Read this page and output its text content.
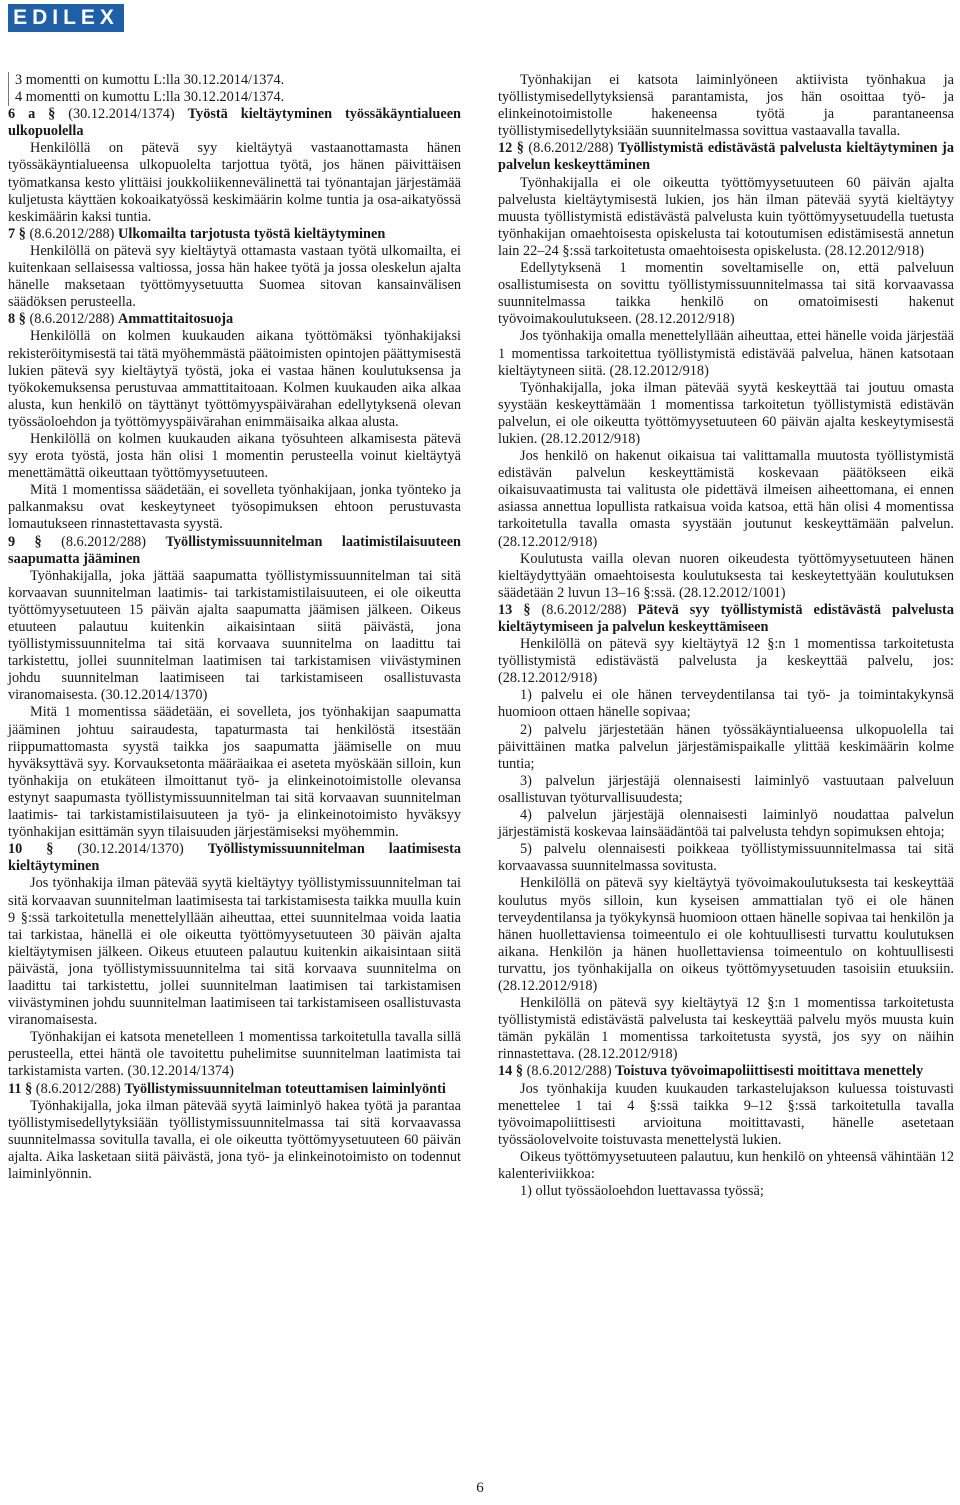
EDILEX

3 momentti on kumottu L:lla 30.12.2014/1374.

4 momentti on kumottu L:lla 30.12.2014/1374.

6 a § (30.12.2014/1374) Työstä kieltäytyminen työssäkäyntialueen ulkopuolella

Henkilöllä on pätevä syy kieltäytyä vastaanottamasta hänen työssäkäyntialueensa ulkopuolelta tarjottua työtä, jos hänen päivittäisen työmatkansa kesto ylittäisi joukkoliikennevälinettä tai työnantajan järjestämää kuljetusta käyttäen kokoaikatyössä keskimäärin kolme tuntia ja osa-aikatyössä keskimäärin kaksi tuntia.

7 § (8.6.2012/288) Ulkomailta tarjotusta työstä kieltäytyminen

Henkilöllä on pätevä syy kieltäytyä ottamasta vastaan työtä ulkomailta, ei kuitenkaan sellaisessa valtiossa, jossa hän hakee työtä ja jossa oleskelun ajalta hänelle maksetaan työttömyysetuutta Suomea sitovan kansainvälisen säädöksen perusteella.

8 § (8.6.2012/288) Ammattitaitosuoja

Henkilöllä on kolmen kuukauden aikana työttömäksi työnhakijaksi rekisteröitymisestä tai tätä myöhemmästä päätoimisten opintojen päättymisestä lukien pätevä syy kieltäytyä työstä, joka ei vastaa hänen koulutuksensa ja työkokemuksensa perustuvaa ammattitaitoaan. Kolmen kuukauden aika alkaa alusta, kun henkilö on täyttänyt työttömyyspäivärahan edellytyksenä olevan työssäoloehdon ja työttömyyspäivärahan enimmäisaika alkaa alusta.

Henkilöllä on kolmen kuukauden aikana työsuhteen alkamisesta pätevä syy erota työstä, josta hän olisi 1 momentin perusteella voinut kieltäytyä menettämättä oikeuttaan työttömyysetuuteen.

Mitä 1 momentissa säädetään, ei sovelleta työnhakijaan, jonka työnteko ja palkanmaksu ovat keskeytyneet työsopimuksen ehtoon perustuvasta lomautukseen rinnastettavasta syystä.

9 § (8.6.2012/288) Työllistymissuunnitelman laatimistilaisuuteen saapumatta jääminen

Työnhakijalla, joka jättää saapumatta työllistymissuunnitelman tai sitä korvaavan suunnitelman laatimis- tai tarkistamistilaisuuteen, ei ole oikeutta työttömyysetuuteen 15 päivän ajalta saapumatta jäämisen jälkeen. Oikeus etuuteen palautuu kuitenkin aikaisintaan siitä päivästä, jona työllistymissuunnitelma tai sitä korvaava suunnitelma on laadittu tai tarkistettu, jollei suunnitelman laatimisen tai tarkistamisen viivästyminen johdu suunnitelman laatimiseen tai tarkistamiseen osallistuvasta viranomaisesta. (30.12.2014/1370)

Mitä 1 momentissa säädetään, ei sovelleta, jos työnhakijan saapumatta jääminen johtuu sairaudesta, tapaturmasta tai henkilöstä itsestään riippumattomasta syystä taikka jos saapumatta jäämiselle on muu hyväksyttävä syy. Korvauksetonta määräaikaa ei aseteta myöskään silloin, kun työnhakija on etukäteen ilmoittanut työ- ja elinkeinotoimistolle olevansa estynyt saapumasta työllistymissuunnitelman tai sitä korvaavan suunnitelman laatimis- tai tarkistamistilaisuuteen ja työ- ja elinkeinotoimisto hyväksyy työnhakijan esittämän syyn tilaisuuden järjestämiseksi myöhemmin.

10 § (30.12.2014/1370) Työllistymissuunnitelman laatimisesta kieltäytyminen

Jos työnhakija ilman pätevää syytä kieltäytyy työllistymissuunnitelman tai sitä korvaavan suunnitelman laatimisesta tai tarkistamisesta taikka muulla kuin 9 §:ssä tarkoitetulla menettelyllään aiheuttaa, ettei suunnitelmaa voida laatia tai tarkistaa, hänellä ei ole oikeutta työttömyysetuuteen 30 päivän ajalta kieltäytymisen jälkeen. Oikeus etuuteen palautuu kuitenkin aikaisintaan siitä päivästä, jona työllistymissuunnitelma tai sitä korvaava suunnitelma on laadittu tai tarkistettu, jollei suunnitelman laatimisen tai tarkistamisen viivästyminen johdu suunnitelman laatimiseen tai tarkistamiseen osallistuvasta viranomaisesta.

Työnhakijan ei katsota menetelleen 1 momentissa tarkoitetulla tavalla sillä perusteella, ettei häntä ole tavoitettu puhelimitse suunnitelman laatimista tai tarkistamista varten. (30.12.2014/1374)

11 § (8.6.2012/288) Työllistymissuunnitelman toteuttamisen laiminlyönti

Työnhakijalla, joka ilman pätevää syytä laiminlyö hakea työtä ja parantaa työllistymisedellytyksiään työllistymissuunnitelmassa tai sitä korvaavassa suunnitelmassa sovitulla tavalla, ei ole oikeutta työttömyysetuuteen 60 päivän ajalta. Aika lasketaan siitä päivästä, jona työ- ja elinkeinotoimisto on todennut laiminlyönnin.

Työnhakijan ei katsota laiminlyöneen aktiivista työnhakua ja työllistymisedellytyksiensä parantamista, jos hän osoittaa työ- ja elinkeinotoimistolle hakeneensa työtä ja parantaneensa työllistymisedellytyksiään suunnitelmassa sovittua vastaavalla tavalla.

12 § (8.6.2012/288) Työllistymistä edistävästä palvelusta kieltäytyminen ja palvelun keskeyttäminen

Työnhakijalla ei ole oikeutta työttömyysetuuteen 60 päivän ajalta palvelusta kieltäytymisestä lukien, jos hän ilman pätevää syytä kieltäytyy muusta työllistymistä edistävästä palvelusta kuin työttömyysetuudella tuetusta työnhakijan omaehtoisesta opiskelusta tai kotoutumisen edistämisestä annetun lain 22–24 §:ssä tarkoitetusta omaehtoisesta opiskelusta. (28.12.2012/918)

Edellytyksenä 1 momentin soveltamiselle on, että palveluun osallistumisesta on sovittu työllistymissuunnitelmassa tai sitä korvaavassa suunnitelmassa taikka henkilö on omatoimisesti hakenut työvoimakoulutukseen. (28.12.2012/918)

Jos työnhakija omalla menettelyllään aiheuttaa, ettei hänelle voida järjestää 1 momentissa tarkoitettua työllistymistä edistävää palvelua, hänen katsotaan kieltäytyneen siitä. (28.12.2012/918)

Työnhakijalla, joka ilman pätevää syytä keskeyttää tai joutuu omasta syystään keskeyttämään 1 momentissa tarkoitetun työllistymistä edistävän palvelun, ei ole oikeutta työttömyysetuuteen 60 päivän ajalta keskeytymisestä lukien. (28.12.2012/918)

Jos henkilö on hakenut oikaisua tai valittamalla muutosta työllistymistä edistävän palvelun keskeyttämistä koskevaan päätökseen eikä oikaisuvaatimusta tai valitusta ole pidettävä ilmeisen aiheettomana, ei ennen asiassa annettua lopullista ratkaisua voida katsoa, että hän olisi 4 momentissa tarkoitetulla tavalla omasta syystään joutunut keskeyttämään palvelun. (28.12.2012/918)

Koulutusta vailla olevan nuoren oikeudesta työttömyysetuuteen hänen kieltäydyttyään omaehtoisesta koulutuksesta tai keskeytettyään koulutuksen säädetään 2 luvun 13–16 §:ssä. (28.12.2012/1001)

13 § (8.6.2012/288) Pätevä syy työllistymistä edistävästä palvelusta kieltäytymiseen ja palvelun keskeyttämiseen

Henkilöllä on pätevä syy kieltäytyä 12 §:n 1 momentissa tarkoitetusta työllistymistä edistävästä palvelusta ja keskeyttää palvelu, jos: (28.12.2012/918)

1) palvelu ei ole hänen terveydentilansa tai työ- ja toimintakykynsä huomioon ottaen hänelle sopivaa;

2) palvelu järjestetään hänen työssäkäyntialueensa ulkopuolella tai päivittäinen matka palvelun järjestämispaikalle ylittää keskimäärin kolme tuntia;

3) palvelun järjestäjä olennaisesti laiminlyö vastuutaan palveluun osallistuvan työturvallisuudesta;

4) palvelun järjestäjä olennaisesti laiminlyö noudattaa palvelun järjestämistä koskevaa lainsäädäntöä tai palvelusta tehdyn sopimuksen ehtoja;

5) palvelu olennaisesti poikkeaa työllistymissuunnitelmassa tai sitä korvaavassa suunnitelmassa sovitusta.

Henkilöllä on pätevä syy kieltäytyä työvoimakoulutuksesta tai keskeyttää koulutus myös silloin, kun kyseisen ammattialan työ ei ole hänen terveydentilansa ja työkykynsä huomioon ottaen hänelle sopivaa tai henkilön ja hänen huollettaviensa toimeentulo ei ole kohtuullisesti turvattu koulutuksen aikana. Henkilön ja hänen huollettaviensa toimeentulo on kohtuullisesti turvattu, jos työnhakijalla on oikeus työttömyysetuuden tasoisiin etuuksiin. (28.12.2012/918)

Henkilöllä on pätevä syy kieltäytyä 12 §:n 1 momentissa tarkoitetusta työllistymistä edistävästä palvelusta tai keskeyttää palvelu myös muusta kuin tämän pykälän 1 momentissa tarkoitetusta syystä, jos syy on näihin rinnastettava. (28.12.2012/918)

14 § (8.6.2012/288) Toistuva työvoimapoliittisesti moitittava menettely

Jos työnhakija kuuden kuukauden tarkastelujakson kuluessa toistuvasti menettelee 1 tai 4 §:ssä taikka 9–12 §:ssä tarkoitetulla tavalla työvoimapoliittisesti arvioituna moitittavasti, hänelle asetetaan työssäolovelvoite toistuvasta menettelystä lukien.

Oikeus työttömyysetuuteen palautuu, kun henkilö on yhteensä vähintään 12 kalenteriviikkoa:

1) ollut työssäoloehdon luettavassa työssä;

6
